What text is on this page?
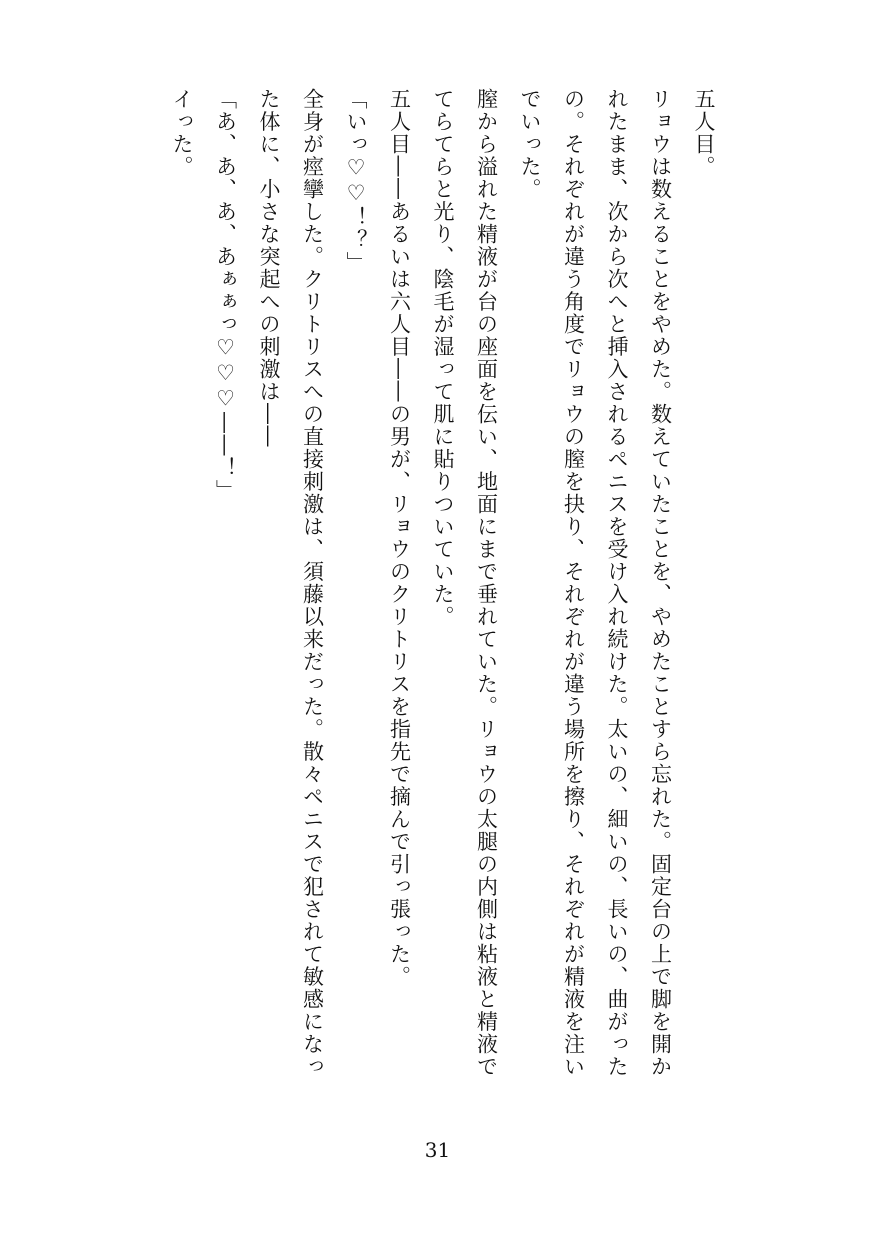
五人目。

リョウは数えることをやめた。数えていたことを、やめたことすら忘れた。固定台の上で脚を開かれたまま、次から次へと挿入されるペニスを受け入れ続けた。太いの、細いの、長いの、曲がったの。それぞれが違う角度でリョウの膣を抉り、それぞれが違う場所を擦り、それぞれが精液を注いでいった。

膣から溢れた精液が台の座面を伝い、地面にまで垂れていた。リョウの太腿の内側は粘液と精液でてらてらと光り、陰毛が湿って肌に貼りついていた。

五人目――あるいは六人目――の男が、リョウのクリトリスを指先で摘んで引っ張った。

「いっ♡♡！？」

全身が痙攣した。クリトリスへの直接刺激は、須藤以来だった。散々ペニスで犯されて敏感になった体に、小さな突起への刺激は――

「あ、あ、あ、あぁぁっ♡♡♡――！」

イった。

31
